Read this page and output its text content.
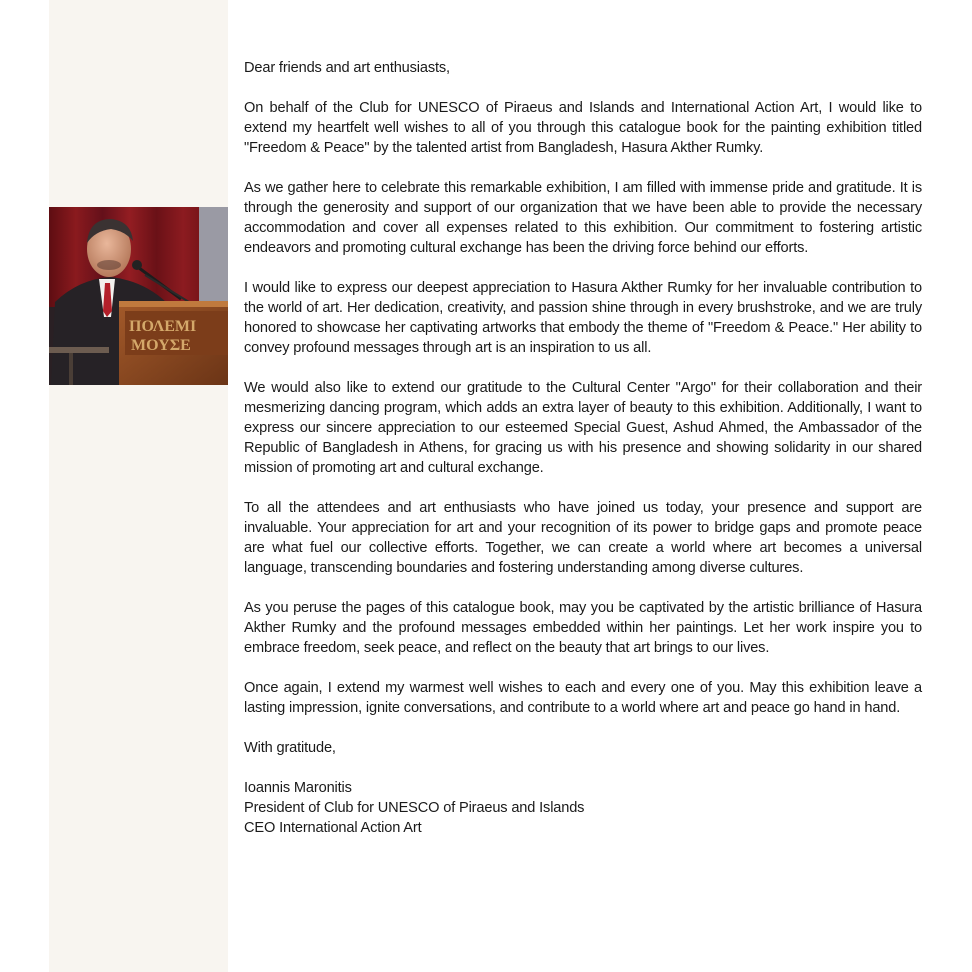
ΠΟΛΕΜΙ
ΜΟΥΣΕ

Dear friends and art enthusiasts,

On behalf of the Club for UNESCO of Piraeus and Islands and International Action Art, I would like to extend my heartfelt well wishes to all of you through this catalogue book for the painting exhibition titled "Freedom & Peace" by the talented artist from Bangladesh, Hasura Akther Rumky.

As we gather here to celebrate this remarkable exhibition, I am filled with immense pride and gratitude. It is through the generosity and support of our organization that we have been able to provide the necessary accommodation and cover all expenses related to this exhibition. Our commitment to fostering artistic endeavors and promoting cultural exchange has been the driving force behind our efforts.

I would like to express our deepest appreciation to Hasura Akther Rumky for her invaluable contribution to the world of art. Her dedication, creativity, and passion shine through in every brushstroke, and we are truly honored to showcase her captivating artworks that embody the theme of "Freedom & Peace." Her ability to convey profound messages through art is an inspiration to us all.

We would also like to extend our gratitude to the Cultural Center "Argo" for their collaboration and their mesmerizing dancing program, which adds an extra layer of beauty to this exhibition. Additionally, I want to express our sincere appreciation to our esteemed Special Guest, Ashud Ahmed, the Ambassador of the Republic of Bangladesh in Athens, for gracing us with his presence and showing solidarity in our shared mission of promoting art and cultural exchange.

To all the attendees and art enthusiasts who have joined us today, your presence and support are invaluable. Your appreciation for art and your recognition of its power to bridge gaps and promote peace are what fuel our collective efforts. Together, we can create a world where art becomes a universal language, transcending boundaries and fostering understanding among diverse cultures.

As you peruse the pages of this catalogue book, may you be captivated by the artistic brilliance of Hasura Akther Rumky and the profound messages embedded within her paintings. Let her work inspire you to embrace freedom, seek peace, and reflect on the beauty that art brings to our lives.

Once again, I extend my warmest well wishes to each and every one of you. May this exhibition leave a lasting impression, ignite conversations, and contribute to a world where art and peace go hand in hand.

With gratitude,

Ioannis Maronitis
President of Club for UNESCO of Piraeus and Islands
CEO International Action Art
